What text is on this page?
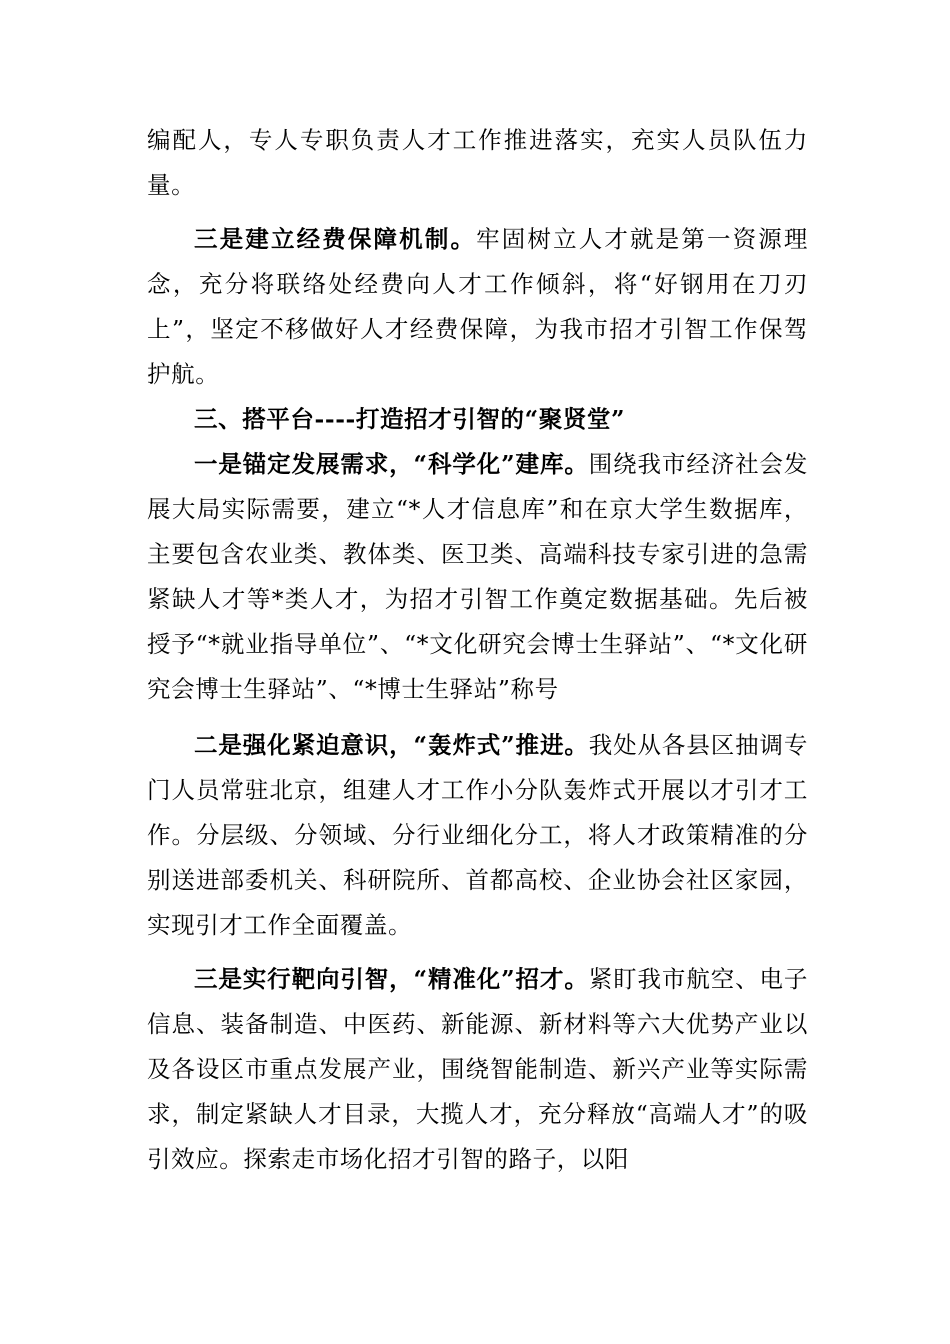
编配人，专人专职负责人才工作推进落实，充实人员队伍力量。

三是建立经费保障机制。牢固树立人才就是第一资源理念，充分将联络处经费向人才工作倾斜，将“好钢用在刀刃上”，坚定不移做好人才经费保障，为我市招才引智工作保驾护航。

三、搭平台----打造招才引智的“聚贤堂”

一是锚定发展需求，“科学化”建库。围绕我市经济社会发展大局实际需要，建立“*人才信息库”和在京大学生数据库，主要包含农业类、教体类、医卫类、高端科技专家引进的急需紧缺人才等*类人才，为招才引智工作奠定数据基础。先后被授予“*就业指导单位”、“*文化研究会博士生驿站”、“*文化研究会博士生驿站”、“*博士生驿站”称号

二是强化紧迫意识，“轰炸式”推进。我处从各县区抽调专门人员常驻北京，组建人才工作小分队轰炸式开展以才引才工作。分层级、分领域、分行业细化分工，将人才政策精准的分别送进部委机关、科研院所、首都高校、企业协会社区家园，实现引才工作全面覆盖。

三是实行靶向引智，“精准化”招才。紧盯我市航空、电子信息、装备制造、中医药、新能源、新材料等六大优势产业以及各设区市重点发展产业，围绕智能制造、新兴产业等实际需求，制定紧缺人才目录，大揽人才，充分释放“高端人才”的吸引效应。探索走市场化招才引智的路子，以阳
